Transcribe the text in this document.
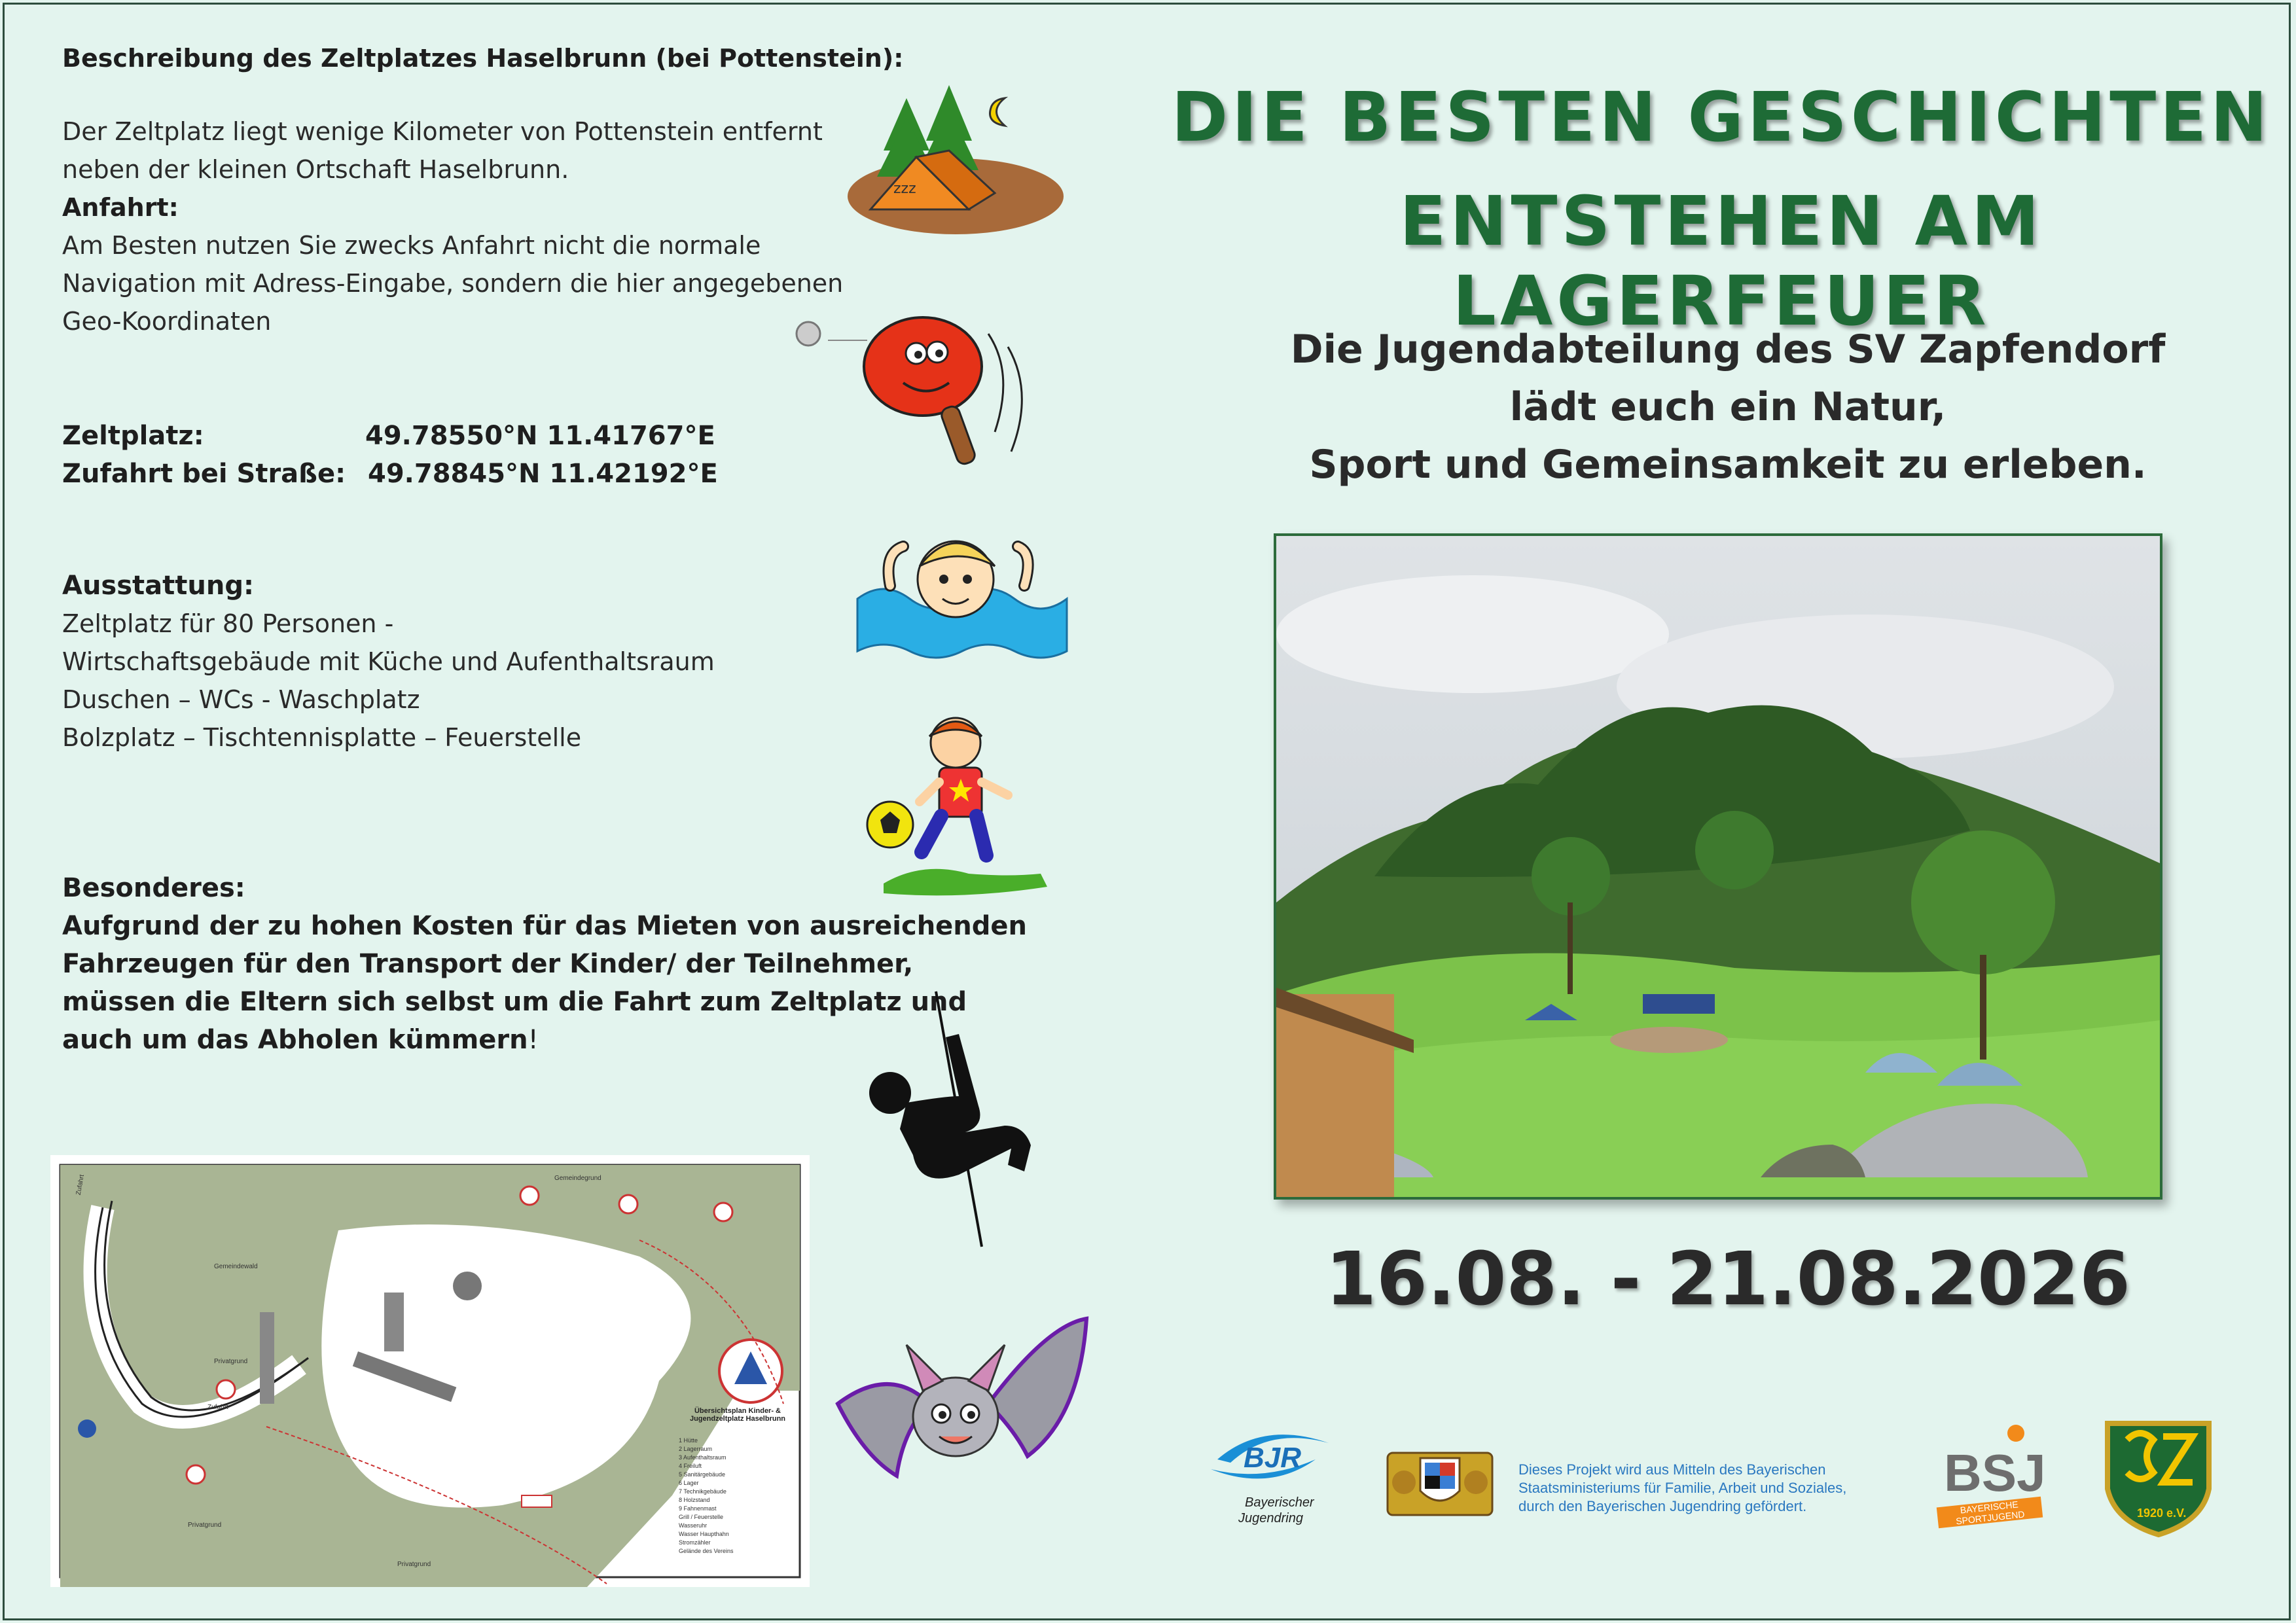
Beschreibung des Zeltplatzes Haselbrunn (bei Pottenstein):
Der Zeltplatz liegt wenige Kilometer von Pottenstein entfernt
neben der kleinen Ortschaft Haselbrunn.
Anfahrt:
Am Besten nutzen Sie zwecks Anfahrt nicht die normale
Navigation mit Adress-Eingabe, sondern die hier angegebenen
Geo-Koordinaten
Zeltplatz:	49.78550°N 11.41767°E
Zufahrt bei Straße: 49.78845°N 11.42192°E
Ausstattung:
Zeltplatz für 80 Personen -
Wirtschaftsgebäude mit Küche und Aufenthaltsraum
Duschen – WCs - Waschplatz
Bolzplatz – Tischtennisplatte – Feuerstelle
Besonderes:
Aufgrund der zu hohen Kosten für das Mieten von ausreichenden
Fahrzeugen für den Transport der Kinder/ der Teilnehmer,
müssen die Eltern sich selbst um die Fahrt zum Zeltplatz und
auch um das Abholen kümmern!
zzz
Gemeindegrund
Gemeindewald
Privatgrund
Privatgrund
Privatgrund
Zufahrt
Zufahrt	Übersichtsplan Kinder- & Jugendzeltplatz Haselbrunn
1 Hütte
2 Lagerraum
3 Aufenthaltsraum
4 Freiluft
5 Sanitärgebäude
6 Lager
7 Technikgebäude
8 Holzstand
9 Fahnenmast
Grill / Feuerstelle
Wasseruhr
Wasser Haupthahn
Stromzähler
Gelände des Vereins
DIE BESTEN GESCHICHTEN
ENTSTEHEN AM LAGERFEUER
Die Jugendabteilung des SV Zapfendorf
lädt euch ein Natur,
Sport und Gemeinsamkeit zu erleben.
16.08. - 21.08.2026
BJR
Bayerischer
Jugendring
Dieses Projekt wird aus Mitteln des Bayerischen
Staatsministeriums für Familie, Arbeit und Soziales,
durch den Bayerischen Jugendring gefördert.
BSJ
BAYERISCHE SPORTJUGEND	1920 e.V.
